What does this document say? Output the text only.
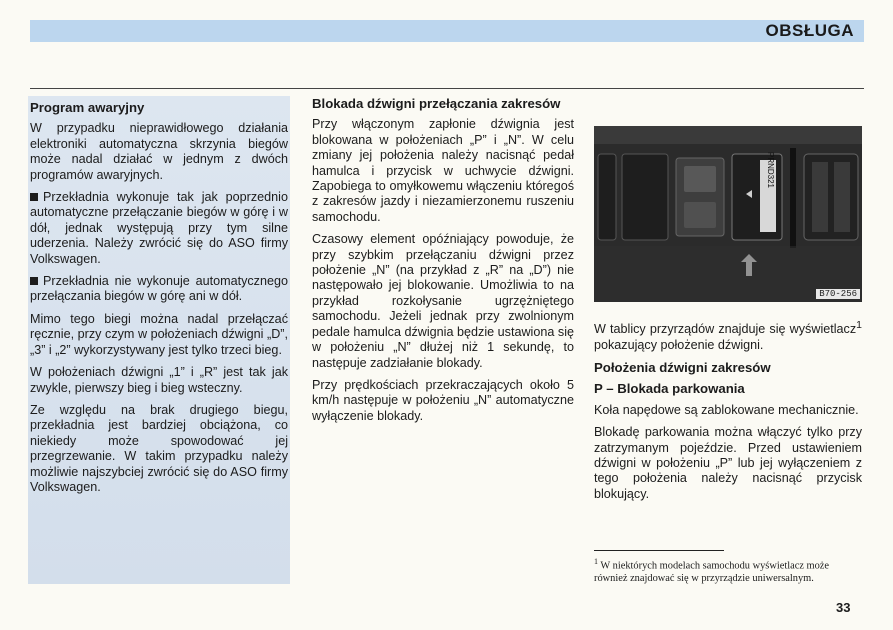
OBSŁUGA
Program awaryjny

W przypadku nieprawidłowego działania elektroniki automatyczna skrzynia biegów może nadal działać w jednym z dwóch programów awaryjnych.

Przekładnia wykonuje tak jak poprzednio automatyczne przełączanie biegów w górę i w dół, jednak występują przy tym silne uderzenia. Należy zwrócić się do ASO firmy Volkswagen.

Przekładnia nie wykonuje automatycznego przełączania biegów w górę ani w dół.

Mimo tego biegi można nadal przełączać ręcznie, przy czym w położeniach dźwigni „D”, „3” i „2” wykorzystywany jest tylko trzeci bieg.

W położeniach dźwigni „1” i „R” jest tak jak zwykle, pierwszy bieg i bieg wsteczny.

Ze względu na brak drugiego biegu, przekładnia jest bardziej obciążona, co niekiedy może spowodować jej przegrzewanie. W takim przypadku należy możliwie najszybciej zwrócić się do ASO firmy Volkswagen.

Blokada dźwigni przełączania zakresów

Przy włączonym zapłonie dźwignia jest blokowana w położeniach „P” i „N”. W celu zmiany jej położenia należy nacisnąć pedał hamulca i przycisk w uchwycie dźwigni. Zapobiega to omyłkowemu włączeniu któregoś z zakresów jazdy i niezamierzonemu ruszeniu samochodu.

Czasowy element opóźniający powoduje, że przy szybkim przełączaniu dźwigni przez położenie „N” (na przykład z „R” na „D”) nie następowało jej blokowanie. Umożliwia to na przykład rozkołysanie ugrzężniętego samochodu. Jeżeli jednak przy zwolnionym pedale hamulca dźwignia będzie ustawiona się w położeniu „N” dłużej niż 1 sekundę, to następuje zadziałanie blokady.

Przy prędkościach przekraczających około 5 km/h następuje w położeniu „N” automatyczne wyłączenie blokady.

PRND321
B70-256

W tablicy przyrządów znajduje się wyświetlacz$^1$ pokazujący położenie dźwigni.

Położenia dźwigni zakresów
P – Blokada parkowania

Koła napędowe są zablokowane mechanicznie.

Blokadę parkowania można włączyć tylko przy zatrzymanym pojeździe. Przed ustawieniem dźwigni w położeniu „P” lub jej wyłączeniem z tego położenia należy nacisnąć przycisk blokujący.

$^1$ W niektórych modelach samochodu wyświetlacz może również znajdować się w przyrządzie uniwersalnym.
33
